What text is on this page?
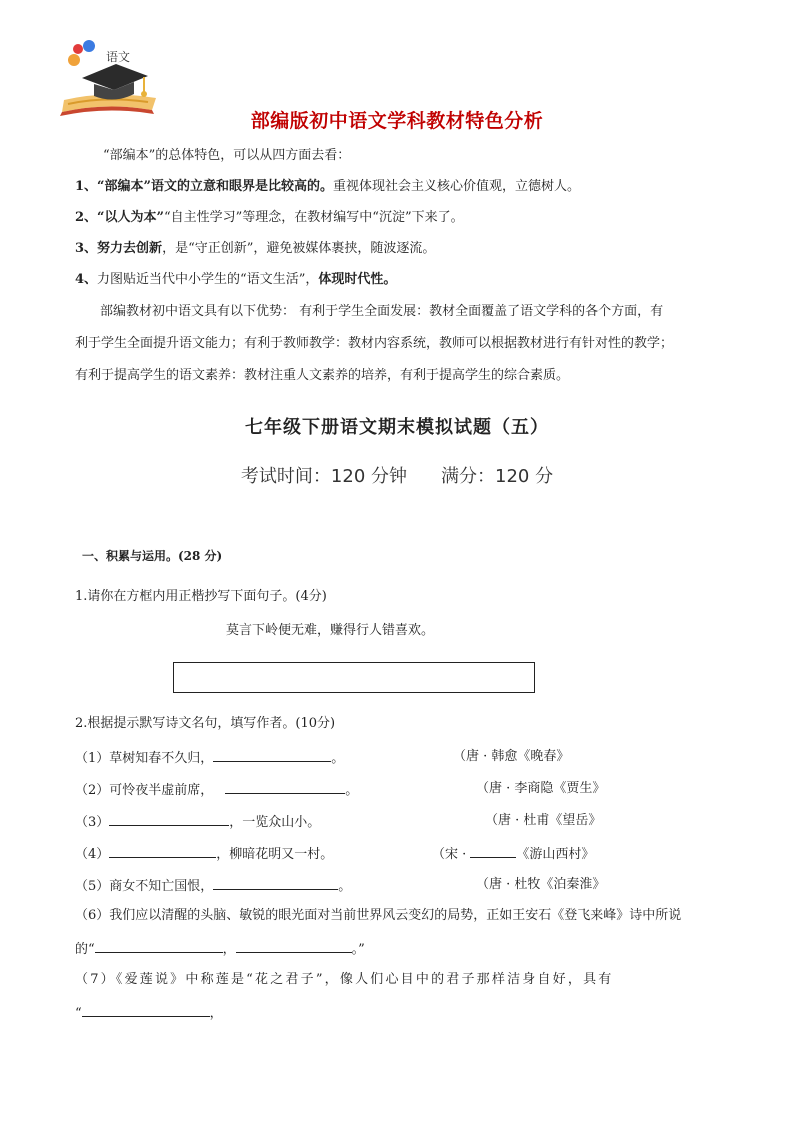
语文
部编版初中语文学科教材特色分析
“部编本”的总体特色，可以从四方面去看：
1、“部编本”语文的立意和眼界是比较高的。重视体现社会主义核心价值观，立德树人。
2、“以人为本”“自主性学习”等理念，在教材编写中“沉淀”下来了。
3、努力去创新，是“守正创新”，避免被媒体裹挟，随波逐流。
4、力图贴近当代中小学生的“语文生活”，体现时代性。
部编教材初中语文具有以下优势： 有利于学生全面发展：教材全面覆盖了语文学科的各个方面，有
利于学生全面提升语文能力；有利于教师教学：教材内容系统，教师可以根据教材进行有针对性的教学；
有利于提高学生的语文素养：教材注重人文素养的培养，有利于提高学生的综合素质。
七年级下册语文期末模拟试题（五）
考试时间：120 分钟 满分：120 分
一、积累与运用。(28 分)
1.请你在方框内用正楷抄写下面句子。(4分)
莫言下岭便无难，赚得行人错喜欢。
2.根据提示默写诗文名句，填写作者。(10分)
（1）草树知春不久归，	。	（唐 · 韩愈《晚春》
（2）可怜夜半虚前席，	。	（唐 · 李商隐《贾生》
（3）	，一览众山小。	（唐 · 杜甫《望岳》
（4）	，柳暗花明又一村。	（宋 ·	《游山西村》
（5）商女不知亡国恨，	。	（唐 · 杜牧《泊秦淮》
（6）我们应以清醒的头脑、敏锐的眼光面对当前世界风云变幻的局势，正如王安石《登飞来峰》诗中所说
的“	，	。”
（7）《爱莲说》中称莲是“花之君子”，像人们心目中的君子那样洁身自好，具有
“	，
